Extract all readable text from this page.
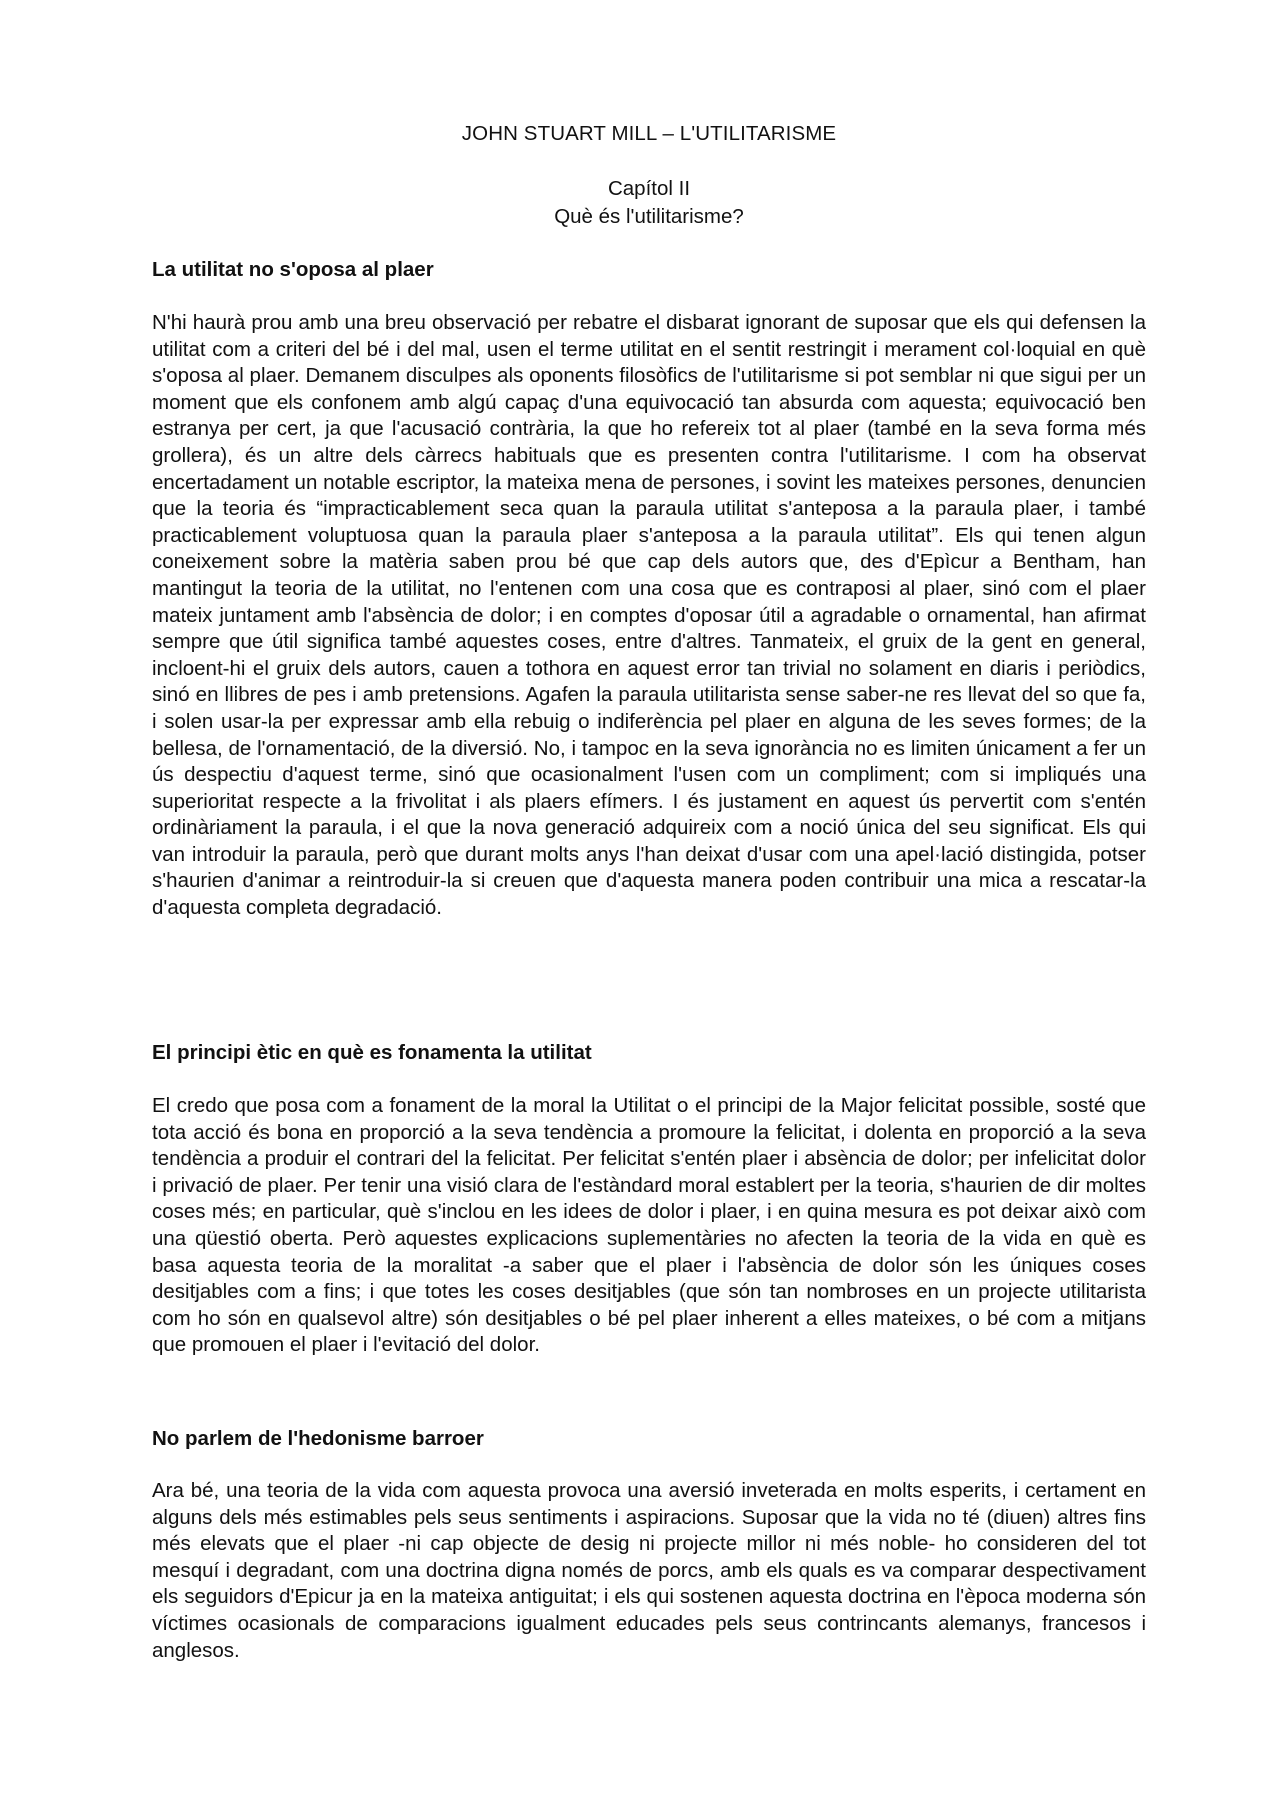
JOHN STUART MILL – L'UTILITARISME
Capítol II
Què és l'utilitarisme?
La utilitat no s'oposa al plaer

N'hi haurà prou amb una breu observació per rebatre el disbarat ignorant de suposar que els qui defensen la utilitat com a criteri del bé i del mal, usen el terme utilitat en el sentit restringit i merament col·loquial en què s'oposa al plaer. Demanem disculpes als oponents filosòfics de l'utilitarisme si pot semblar ni que sigui per un moment que els confonem amb algú capaç d'una equivocació tan absurda com aquesta; equivocació ben estranya per cert, ja que l'acusació contrària, la que ho refereix tot al plaer (també en la seva forma més grollera), és un altre dels càrrecs habituals que es presenten contra l'utilitarisme. I com ha observat encertadament un notable escriptor, la mateixa mena de persones, i sovint les mateixes persones, denuncien que la teoria és “impracticablement seca quan la paraula utilitat s'anteposa a la paraula plaer, i també practicablement voluptuosa quan la paraula plaer s'anteposa a la paraula utilitat”. Els qui tenen algun coneixement sobre la matèria saben prou bé que cap dels autors que, des d'Epìcur a Bentham, han mantingut la teoria de la utilitat, no l'entenen com una cosa que es contraposi al plaer, sinó com el plaer mateix juntament amb l'absència de dolor; i en comptes d'oposar útil a agradable o ornamental, han afirmat sempre que útil significa també aquestes coses, entre d'altres. Tanmateix, el gruix de la gent en general, incloent-hi el gruix dels autors, cauen a tothora en aquest error tan trivial no solament en diaris i periòdics, sinó en llibres de pes i amb pretensions. Agafen la paraula utilitarista sense saber-ne res llevat del so que fa, i solen usar-la per expressar amb ella rebuig o indiferència pel plaer en alguna de les seves formes; de la bellesa, de l'ornamentació, de la diversió. No, i tampoc en la seva ignorància no es limiten únicament a fer un ús despectiu d'aquest terme, sinó que ocasionalment l'usen com un compliment; com si impliqués una superioritat respecte a la frivolitat i als plaers efímers. I és justament en aquest ús pervertit com s'entén ordinàriament la paraula, i el que la nova generació adquireix com a noció única del seu significat. Els qui van introduir la paraula, però que durant molts anys l'han deixat d'usar com una apel·lació distingida, potser s'haurien d'animar a reintroduir-la si creuen que d'aquesta manera poden contribuir una mica a rescatar-la d'aquesta completa degradació.

El principi ètic en què es fonamenta la utilitat

El credo que posa com a fonament de la moral la Utilitat o el principi de la Major felicitat possible, sosté que tota acció és bona en proporció a la seva tendència a promoure la felicitat, i dolenta en proporció a la seva tendència a produir el contrari del la felicitat. Per felicitat s'entén plaer i absència de dolor; per infelicitat dolor i privació de plaer. Per tenir una visió clara de l'estàndard moral establert per la teoria, s'haurien de dir moltes coses més; en particular, què s'inclou en les idees de dolor i plaer, i en quina mesura es pot deixar això com una qüestió oberta. Però aquestes explicacions suplementàries no afecten la teoria de la vida en què es basa aquesta teoria de la moralitat -a saber que el plaer i l'absència de dolor són les úniques coses desitjables com a fins; i que totes les coses desitjables (que són tan nombroses en un projecte utilitarista com ho són en qualsevol altre) són desitjables o bé pel plaer inherent a elles mateixes, o bé com a mitjans que promouen el plaer i l'evitació del dolor.

No parlem de l'hedonisme barroer

Ara bé, una teoria de la vida com aquesta provoca una aversió inveterada en molts esperits, i certament en alguns dels més estimables pels seus sentiments i aspiracions. Suposar que la vida no té (diuen) altres fins més elevats que el plaer -ni cap objecte de desig ni projecte millor ni més noble- ho consideren del tot mesquí i degradant, com una doctrina digna només de porcs, amb els quals es va comparar despectivament els seguidors d'Epicur ja en la mateixa antiguitat; i els qui sostenen aquesta doctrina en l'època moderna són víctimes ocasionals de comparacions igualment educades pels seus contrincants alemanys, francesos i anglesos.
